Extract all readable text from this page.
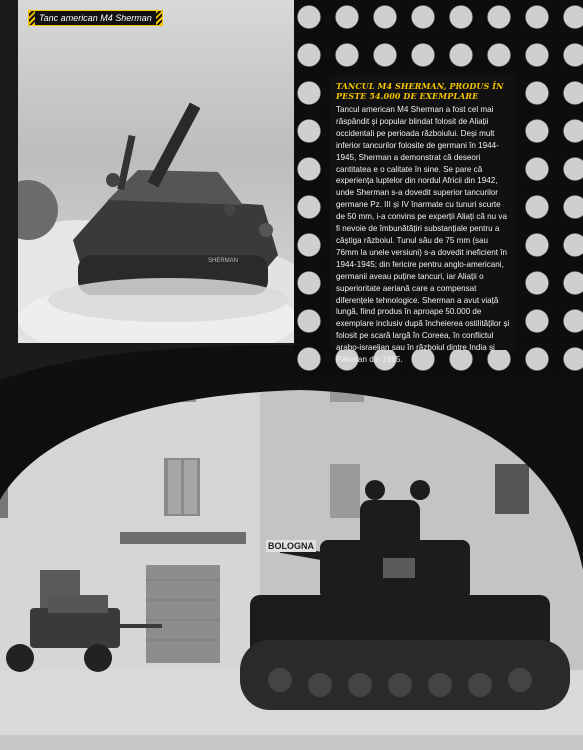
BOLOGNA
SHERMAN
Tanc american M4 Sherman
TANCUL M4 SHERMAN, PRODUS ÎN PESTE 54.000 DE EXEMPLARE

Tancul american M4 Sherman a fost cel mai răspândit și popular blindat folosit de Aliații occidentali pe perioada războiului. Deși mult inferior tancurilor folosite de germani în 1944-1945, Sherman a demonstrat că deseori cantitatea e o calitate în sine. Se pare că experiența luptelor din nordul Africii din 1942, unde Sherman s-a dovedit superior tancurilor germane Pz. III și IV înarmate cu tunuri scurte de 50 mm, i-a convins pe experții Aliați că nu va fi nevoie de îmbunătățiri substanțiale pentru a câștiga războiul. Tunul său de 75 mm (sau 76mm la unele versiuni) s-a dovedit ineficient în 1944-1945; din fericire pentru anglo-americani, germanii aveau puține tancuri, iar Aliații o superioritate aeriană care a compensat diferențele tehnologice. Sherman a avut viață lungă, fiind produs în aproape 50.000 de exemplare inclusiv după încheierea ostilităților și folosit pe scară largă în Coreea, în conflictul arabo-israelian sau în războiul dintre India și Pakistan din 1965.
